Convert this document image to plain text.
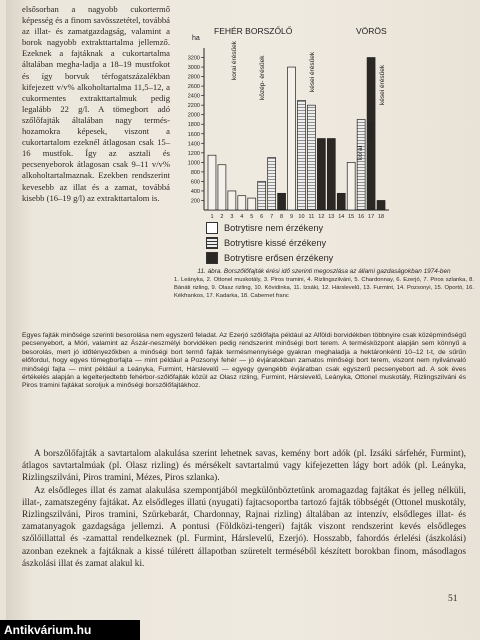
elsősorban a nagyobb cukortermő képesség és a finom savösszetétel, továbbá az illat- és zamatgazdagság, valamint a borok nagyobb extrakttartalma jellemző. Ezeknek a fajtáknak a cukortartalma általában megha-ladja a 18–19 mustfokot és így borvuk térfogatszázalékban kifejezett v/v% alkoholtartalma 11,5–12, a cukormentes extrakttartalmuk pedig legalább 22 g/l. A tömegbort adó szőlőfajták általában nagy termés-hozamokra képesek, viszont a cukortartalom ezeknél átlagosan csak 15–16 mustfok. Így az asztali és pecsenyeborok átlagosan csak 9–11 v/v% alkoholtartalmaznak. Ezekben rendszerint kevesebb az illat és a zamat, továbbá kisebb (16–19 g/l) az extrakttartalom is.	200
400
600
800
1000
1200
1400
1600
1800
2000
2200
2400
2600
2800
3000
3200
ha
FEHÉR BORSZŐLŐ	VÖRÖS
1 2 3 4 5 6 7 8 9 10 11 12 13 14 15 16 17 18
korai érésűek	közép- érésűek	kései érésűek
korai
közép
kései érésűek
Botrytisre nem érzékeny
Botrytisre kissé érzékeny
Botrytisre erősen érzékeny
11. ábra. Borszőlőfajták érési idő szerinti megoszlása az állami gazdaságokban 1974-ben
1. Leányka, 2. Ottonel muskotály, 3. Piros tramini, 4. Rizlingszilváni, 5. Chardonnay, 6. Ezerjó, 7. Piros szlanka, 8. Bánáti rizling, 9. Olasz rizling, 10. Kövidinka, 11. Izsáki, 12. Hárslevelű, 13. Furmint, 14. Pozsonyi, 15. Oportó, 16. Kékfrankos, 17. Kadarka, 18. Cabernet franc

Egyes fajták minősége szerinti besorolása nem egyszerű feladat. Az Ezerjó szőlőfajta például az Alföldi borvidékben többnyire csak középminőségű pecsenyebort, a Móri, valamint az Ászár-neszmélyi borvidéken pedig rendszerint minőségi bort terem. A termésközpont alapján sem könnyű a besorolás, mert jó időtényezőkben a minőségi bort termő fajták termésmennyisége gyakran meghaladja a hektáronkénti 10–12 t-t, de sűrűn előfordul, hogy egyes tömegborfajta — mint például a Pozsonyi fehér — jó évjáratokban zamatos minőségi bort terem, viszont nem nyilvánvaló minőségi fajta — mint például a Leányka, Furmint, Hárslevelű — egyegy gyengébb évjáratban csak egyszerű pecsenyebort ad. A sok éves értékelés alapján a legelterjedtebb fehérbor-szőlőfajták közül az Olasz rizling, Furmint, Hárslevelű, Leányka, Ottonel muskotály, Rizlingszilváni és Piros tramini fajtákat soroljuk a minőségi borszőlőfajtákhoz.

A borszőlőfajták a savtartalom alakulása szerint lehetnek savas, kemény bort adók (pl. Izsáki sárfehér, Furmint), átlagos savtartalmúak (pl. Olasz rizling) és mérsékelt savtartalmú vagy kifejezetten lágy bort adók (pl. Leányka, Rizlingszilváni, Piros tramini, Mézes, Piros szlanka).

Az elsődleges illat és zamat alakulása szempontjából megkülönböztetünk aromagazdag fajtákat és jelleg nélküli, illat-, zamatszegény fajtákat. Az elsődleges illatú (nyugati) fajtacsoportba tartozó fajták többségét (Ottonel muskotály, Rizlingszilváni, Piros tramini, Szürkebarát, Chardonnay, Rajnai rizling) általában az intenzív, elsődleges illat- és zamatanyagok gazdagsága jellemzi. A pontusi (Földközi-tengeri) fajták viszont rendszerint kevés elsődleges szőlőillattal és -zamattal rendelkeznek (pl. Furmint, Hárslevelű, Ezerjó). Hosszabb, fahordós érlelési (ászkolási) azonban ezeknek a fajtáknak a kissé túlérett állapotban szüretelt terméséből készített borokban finom, másodlagos ászkolási illat és zamat alakul ki.

51
Antikvárium.hu
